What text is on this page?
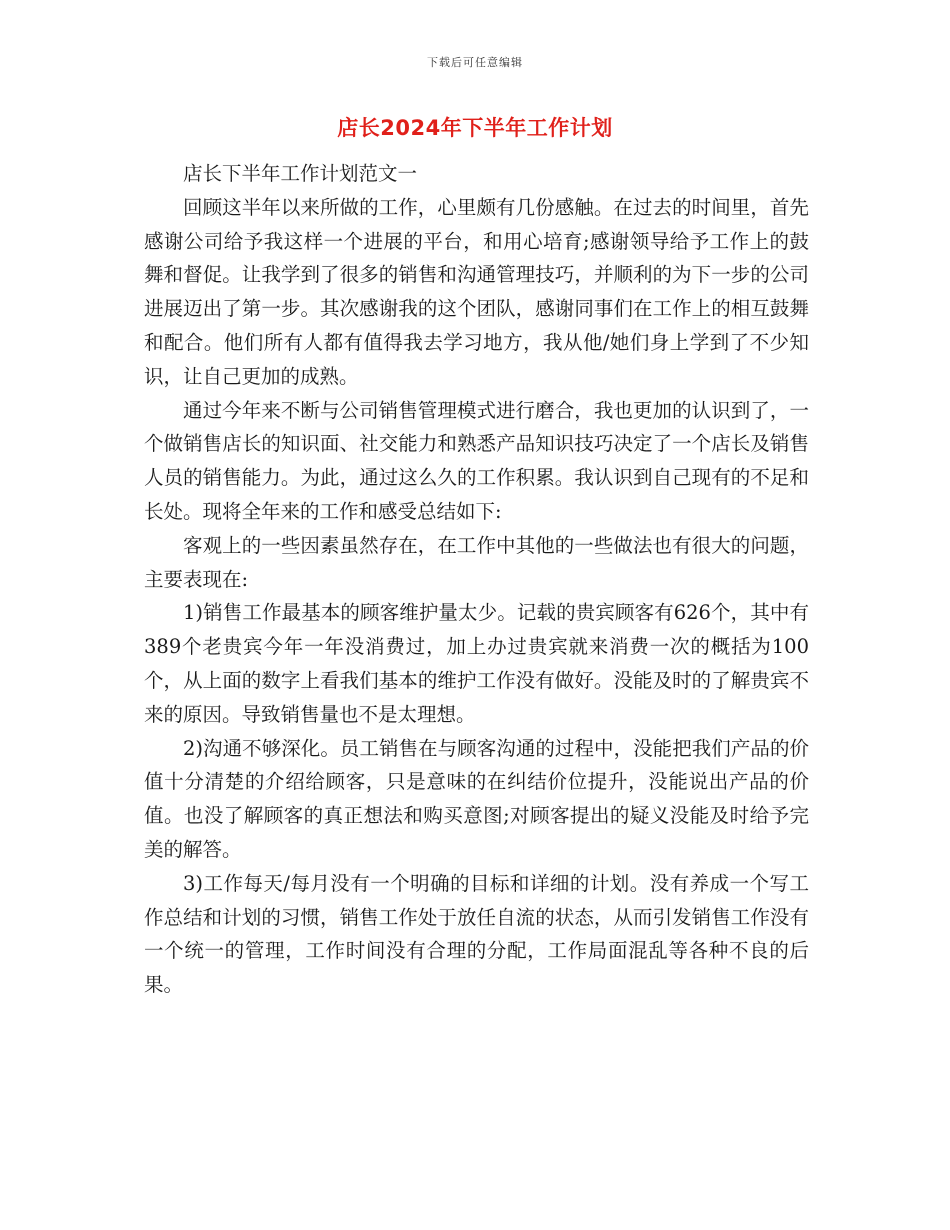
下载后可任意编辑
店长2024年下半年工作计划

店长下半年工作计划范文一

回顾这半年以来所做的工作，心里颇有几份感触。在过去的时间里，首先感谢公司给予我这样一个进展的平台，和用心培育;感谢领导给予工作上的鼓舞和督促。让我学到了很多的销售和沟通管理技巧，并顺利的为下一步的公司进展迈出了第一步。其次感谢我的这个团队，感谢同事们在工作上的相互鼓舞和配合。他们所有人都有值得我去学习地方，我从他/她们身上学到了不少知识，让自己更加的成熟。

通过今年来不断与公司销售管理模式进行磨合，我也更加的认识到了，一个做销售店长的知识面、社交能力和熟悉产品知识技巧决定了一个店长及销售人员的销售能力。为此，通过这么久的工作积累。我认识到自己现有的不足和长处。现将全年来的工作和感受总结如下:

客观上的一些因素虽然存在，在工作中其他的一些做法也有很大的问题，主要表现在:

1)销售工作最基本的顾客维护量太少。记载的贵宾顾客有626个，其中有389个老贵宾今年一年没消费过，加上办过贵宾就来消费一次的概括为100个，从上面的数字上看我们基本的维护工作没有做好。没能及时的了解贵宾不来的原因。导致销售量也不是太理想。

2)沟通不够深化。员工销售在与顾客沟通的过程中，没能把我们产品的价值十分清楚的介绍给顾客，只是意味的在纠结价位提升，没能说出产品的价值。也没了解顾客的真正想法和购买意图;对顾客提出的疑义没能及时给予完美的解答。

3)工作每天/每月没有一个明确的目标和详细的计划。没有养成一个写工作总结和计划的习惯，销售工作处于放任自流的状态，从而引发销售工作没有一个统一的管理，工作时间没有合理的分配，工作局面混乱等各种不良的后果。
